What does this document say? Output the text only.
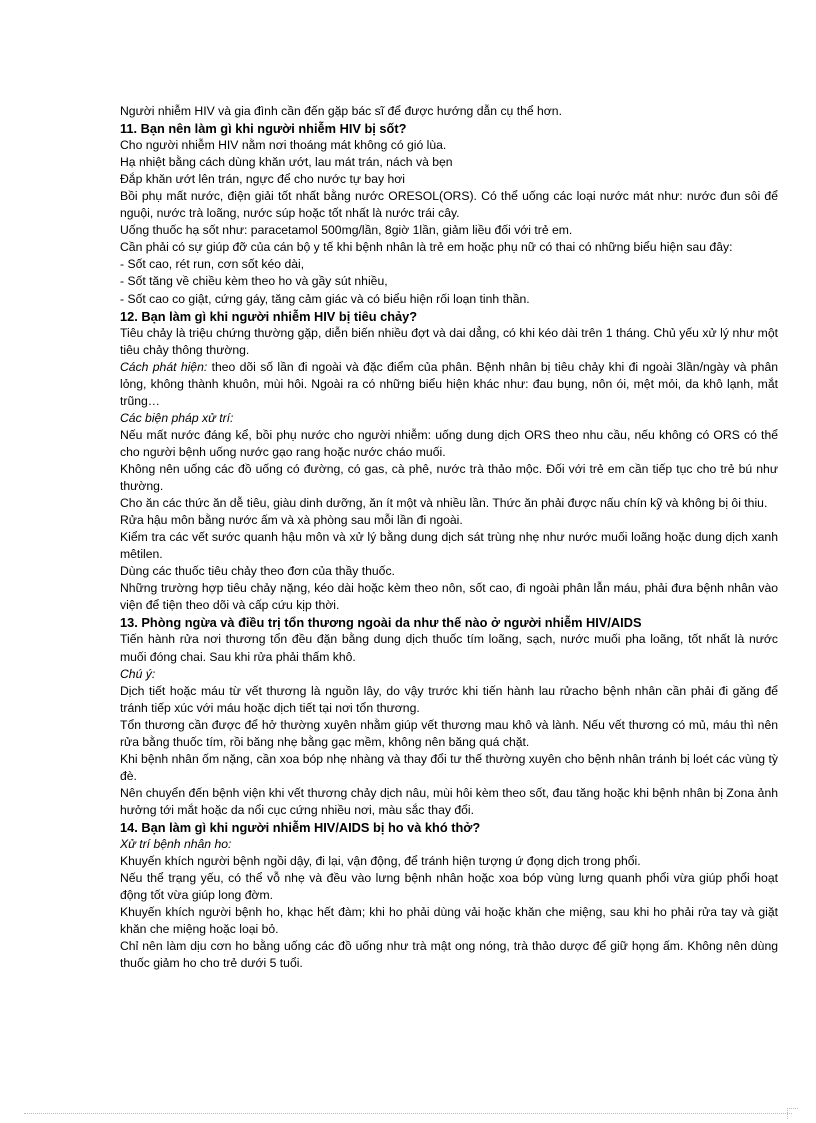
Người nhiễm HIV và gia đình cần đến gặp bác sĩ để được hướng dẫn cụ thể hơn.

11. Bạn nên làm gì khi người nhiễm HIV bị sốt?

Cho người nhiễm HIV nằm nơi thoáng mát không có gió lùa.

Hạ nhiệt bằng cách dùng khăn ướt, lau mát trán, nách và bẹn

Đắp khăn ướt lên trán, ngực để cho nước tự bay hơi

Bồi phụ mất nước, điện giải tốt nhất bằng nước ORESOL(ORS). Có thể uống các loại nước mát như: nước đun sôi để nguội, nước trà loãng, nước súp hoặc tốt nhất là nước trái cây.

Uống thuốc hạ sốt như: paracetamol 500mg/lần, 8giờ 1lần, giảm liều đối với trẻ em.

Cần phải có sự giúp đỡ của cán bộ y tế khi bệnh nhân là trẻ em hoặc phụ nữ có thai có những biểu hiện sau đây:

- Sốt cao, rét run, cơn sốt kéo dài,

- Sốt tăng về chiều kèm theo ho và gầy sút nhiều,

- Sốt cao co giật, cứng gáy, tăng cảm giác và có biểu hiện rối loạn tinh thần.

12. Bạn làm gì khi người nhiễm HIV bị tiêu chảy?

Tiêu chảy là triệu chứng thường gặp, diễn biến nhiều đợt và dai dẳng, có khi kéo dài trên 1 tháng. Chủ yếu xử lý như một tiêu chảy thông thường.

Cách phát hiện: theo dõi số lần đi ngoài và đặc điểm của phân. Bệnh nhân bị tiêu chảy khi đi ngoài 3lần/ngày và phân lỏng, không thành khuôn, mùi hôi. Ngoài ra có những biểu hiện khác như: đau bụng, nôn ói, mệt mỏi, da khô lạnh, mắt trũng…

Các biện pháp xử trí:

Nếu mất nước đáng kể, bồi phụ nước cho người nhiễm: uống dung dịch ORS theo nhu cầu, nếu không có ORS có thể cho người bệnh uống nước gạo rang hoặc nước cháo muối.

Không nên uống các đồ uống có đường, có gas, cà phê, nước trà thảo mộc. Đối với trẻ em cần tiếp tục cho trẻ bú như thường.

Cho ăn các thức ăn dễ tiêu, giàu dinh dưỡng, ăn ít một và nhiều lần. Thức ăn phải được nấu chín kỹ và không bị ôi thiu.

Rửa hậu môn bằng nước ấm và xà phòng sau mỗi lần đi ngoài.

Kiểm tra các vết sước quanh hậu môn và xử lý bằng dung dịch sát trùng nhẹ như nước muối loãng hoặc dung dịch xanh mêtilen.

Dùng các thuốc tiêu chảy theo đơn của thầy thuốc.

Những trường hợp tiêu chảy nặng, kéo dài hoặc kèm theo nôn, sốt cao, đi ngoài phân lẫn máu, phải đưa bệnh nhân vào viện để tiện theo dõi và cấp cứu kịp thời.

13. Phòng ngừa và điều trị tổn thương ngoài da như thế nào ở người nhiễm HIV/AIDS

Tiến hành rửa nơi thương tổn đều đặn bằng dung dịch thuốc tím loãng, sạch, nước muối pha loãng, tốt nhất là nước muối đóng chai. Sau khi rửa phải thấm khô.

Chú ý:

Dịch tiết hoặc máu từ vết thương là nguồn lây, do vậy trước khi tiến hành lau rửacho bệnh nhân cần phải đi găng để tránh tiếp xúc với máu hoặc dịch tiết tại nơi tổn thương.

Tổn thương cần được để hở thường xuyên nhằm giúp vết thương mau khô và lành. Nếu vết thương có mủ, máu thì nên rửa bằng thuốc tím, rồi băng nhẹ bằng gạc mềm, không nên băng quá chặt.

Khi bệnh nhân ốm nặng, cần xoa bóp nhẹ nhàng và thay đổi tư thế thường xuyên cho bệnh nhân tránh bị loét các vùng tỳ đè.

Nên chuyển đến bệnh viện khi vết thương chảy dịch nâu, mùi hôi kèm theo sốt, đau tăng hoặc khi bệnh nhân bị Zona ảnh hưởng tới mắt hoặc da nổi cục cứng nhiều nơi, màu sắc thay đổi.

14. Bạn làm gì khi người nhiễm HIV/AIDS bị ho và khó thở?

Xử trí bệnh nhân ho:

Khuyến khích người bệnh ngồi dậy, đi lại, vận động, để tránh hiện tượng ứ đọng dịch trong phổi.

Nếu thể trạng yếu, có thể vỗ nhẹ và đều vào lưng bệnh nhân hoặc xoa bóp vùng lưng quanh phổi vừa giúp phổi hoạt động tốt vừa giúp long đờm.

Khuyến khích người bệnh ho, khạc hết đàm; khi ho phải dùng vải hoặc khăn che miệng, sau khi ho phải rửa tay và giặt khăn che miệng hoặc loại bỏ.

Chỉ nên làm dịu cơn ho bằng uống các đồ uống như trà mật ong nóng, trà thảo dược để giữ họng ấm. Không nên dùng thuốc giảm ho cho trẻ dưới 5 tuổi.
